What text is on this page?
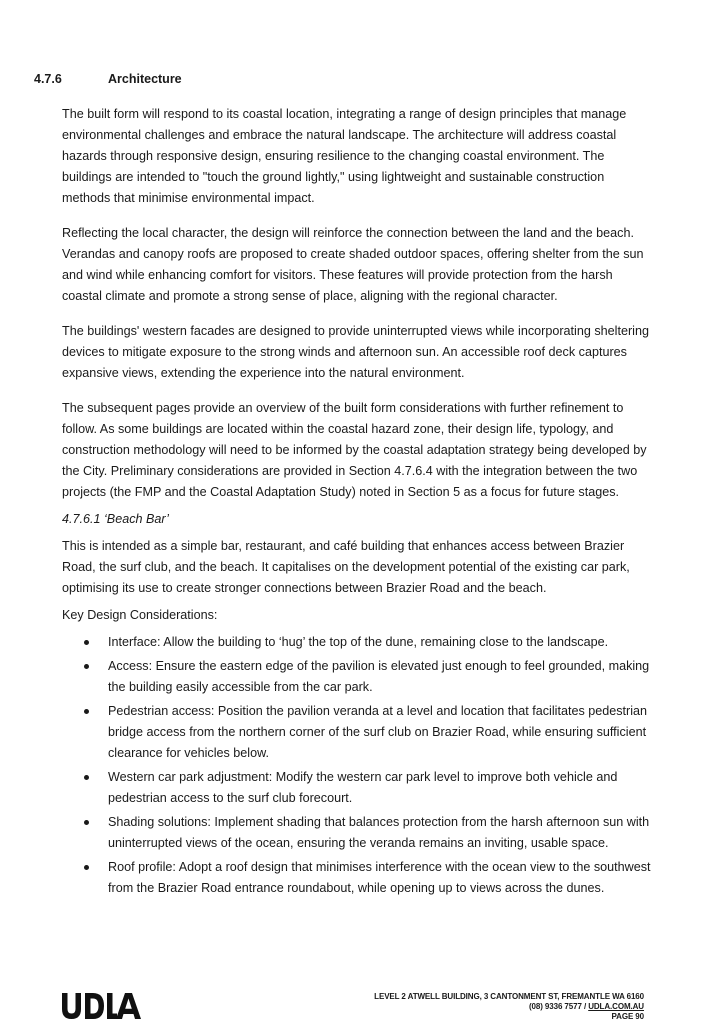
4.7.6	Architecture

The built form will respond to its coastal location, integrating a range of design principles that manage environmental challenges and embrace the natural landscape. The architecture will address coastal hazards through responsive design, ensuring resilience to the changing coastal environment. The buildings are intended to "touch the ground lightly," using lightweight and sustainable construction methods that minimise environmental impact.

Reflecting the local character, the design will reinforce the connection between the land and the beach. Verandas and canopy roofs are proposed to create shaded outdoor spaces, offering shelter from the sun and wind while enhancing comfort for visitors. These features will provide protection from the harsh coastal climate and promote a strong sense of place, aligning with the regional character.

The buildings' western facades are designed to provide uninterrupted views while incorporating sheltering devices to mitigate exposure to the strong winds and afternoon sun. An accessible roof deck captures expansive views, extending the experience into the natural environment.

The subsequent pages provide an overview of the built form considerations with further refinement to follow. As some buildings are located within the coastal hazard zone, their design life, typology, and construction methodology will need to be informed by the coastal adaptation strategy being developed by the City. Preliminary considerations are provided in Section 4.7.6.4 with the integration between the two projects (the FMP and the Coastal Adaptation Study) noted in Section 5 as a focus for future stages.

4.7.6.1 ‘Beach Bar’

This is intended as a simple bar, restaurant, and café building that enhances access between Brazier Road, the surf club, and the beach. It capitalises on the development potential of the existing car park, optimising its use to create stronger connections between Brazier Road and the beach.

Key Design Considerations:

Interface: Allow the building to ‘hug’ the top of the dune, remaining close to the landscape.
Access: Ensure the eastern edge of the pavilion is elevated just enough to feel grounded, making the building easily accessible from the car park.
Pedestrian access: Position the pavilion veranda at a level and location that facilitates pedestrian bridge access from the northern corner of the surf club on Brazier Road, while ensuring sufficient clearance for vehicles below.
Western car park adjustment: Modify the western car park level to improve both vehicle and pedestrian access to the surf club forecourt.
Shading solutions: Implement shading that balances protection from the harsh afternoon sun with uninterrupted views of the ocean, ensuring the veranda remains an inviting, usable space.
Roof profile: Adopt a roof design that minimises interference with the ocean view to the southwest from the Brazier Road entrance roundabout, while opening up to views across the dunes.
LEVEL 2 ATWELL BUILDING, 3 CANTONMENT ST, FREMANTLE WA 6160
(08) 9336 7577 / UDLA.COM.AU
PAGE 90
